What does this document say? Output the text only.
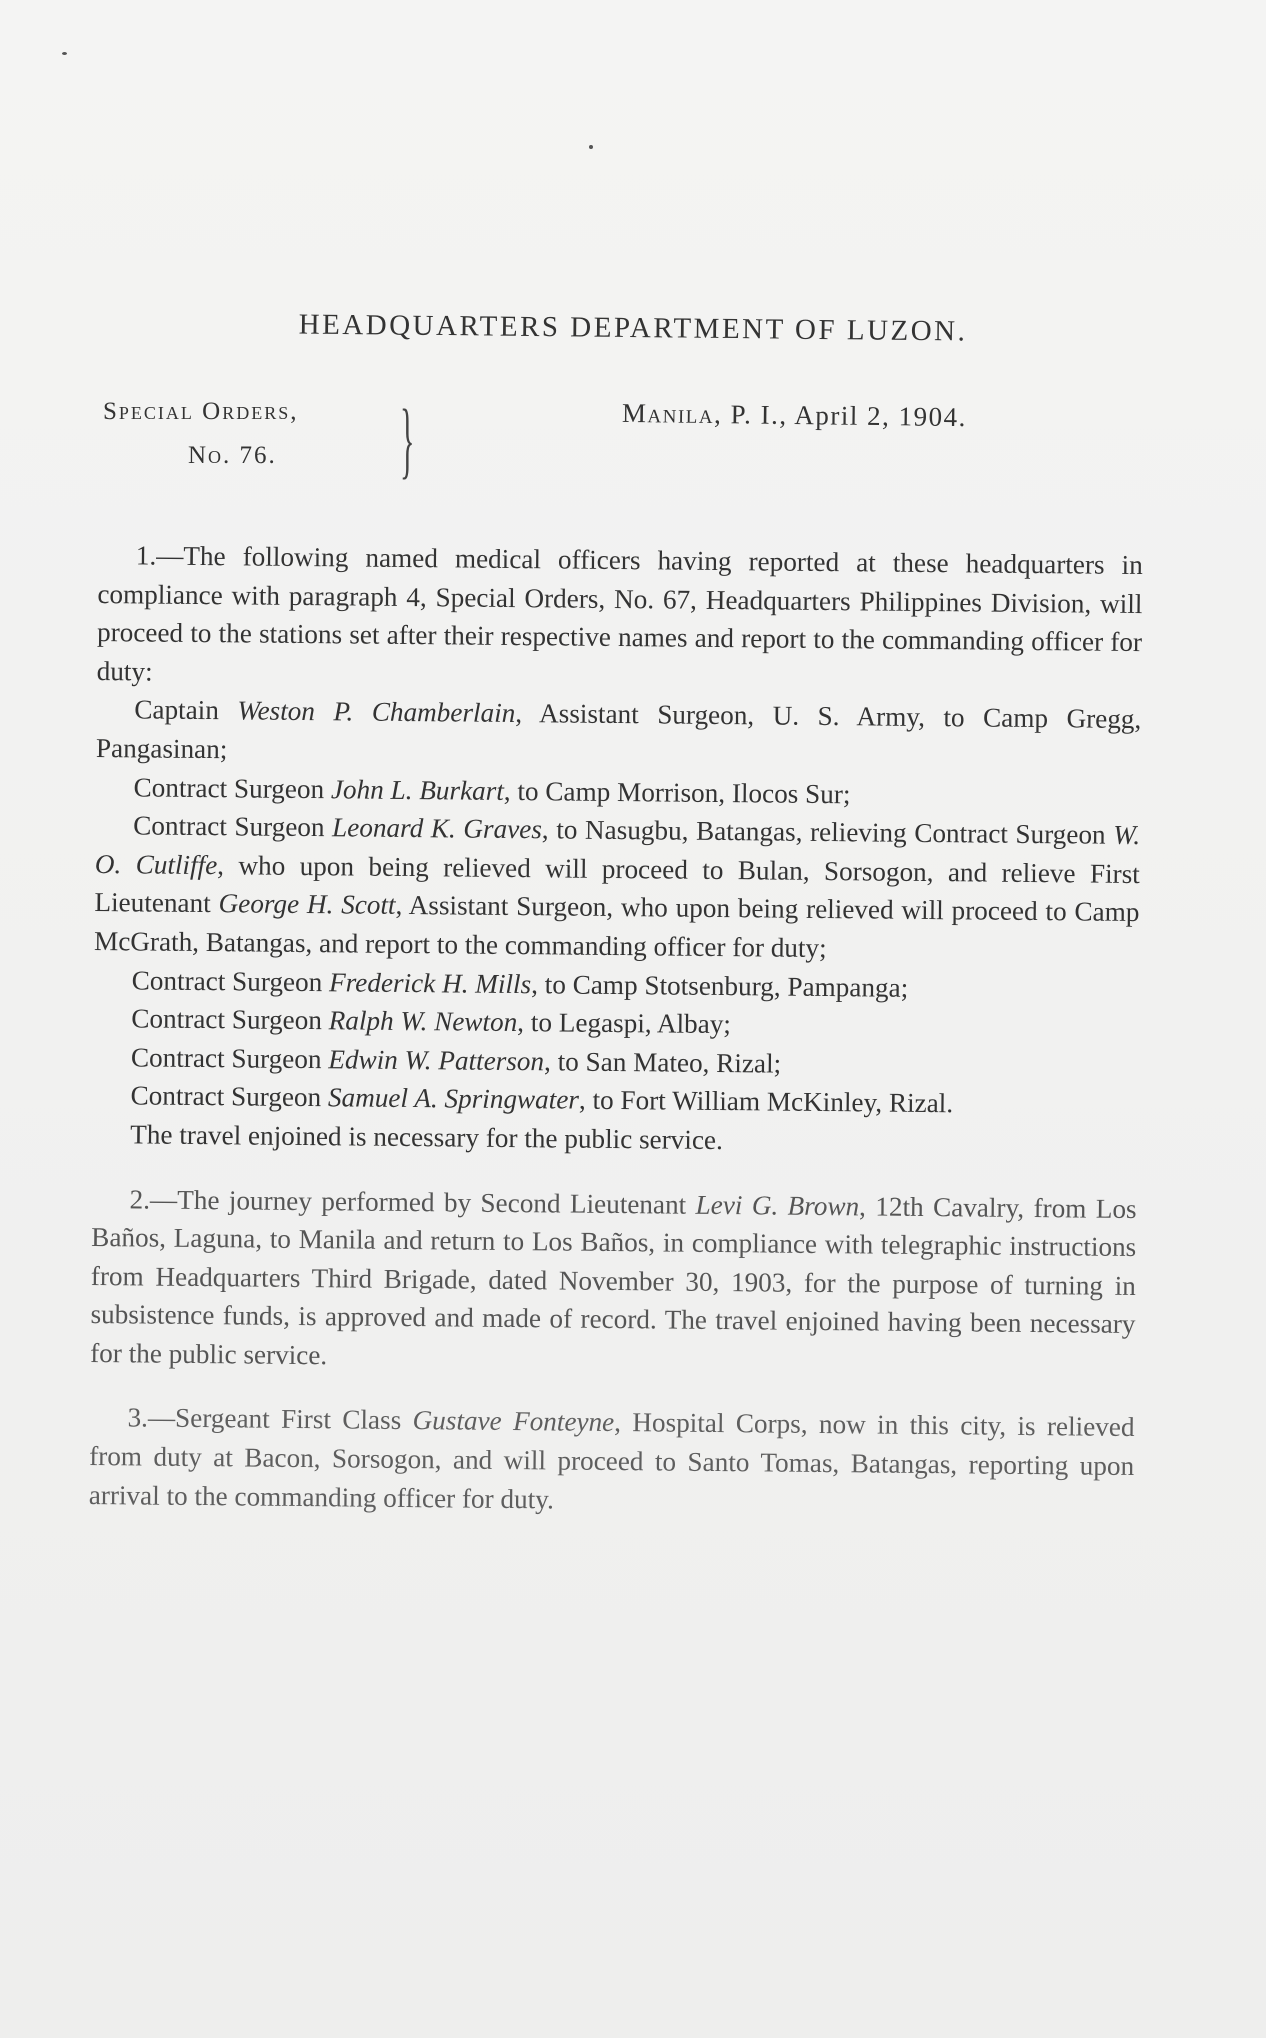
HEADQUARTERS DEPARTMENT OF LUZON.
Special Orders,
No. 76. }	Manila, P. I., April 2, 1904.

1.—The following named medical officers having reported at these headquarters in compliance with paragraph 4, Special Orders, No. 67, Headquarters Philippines Division, will proceed to the stations set after their respective names and report to the commanding officer for duty:

Captain Weston P. Chamberlain, Assistant Surgeon, U. S. Army, to Camp Gregg, Pangasinan;

Contract Surgeon John L. Burkart, to Camp Morrison, Ilocos Sur;

Contract Surgeon Leonard K. Graves, to Nasugbu, Batangas, relieving Contract Surgeon W. O. Cutliffe, who upon being relieved will proceed to Bulan, Sorsogon, and relieve First Lieutenant George H. Scott, Assistant Surgeon, who upon being relieved will proceed to Camp McGrath, Batangas, and report to the commanding officer for duty;

Contract Surgeon Frederick H. Mills, to Camp Stotsenburg, Pampanga;

Contract Surgeon Ralph W. Newton, to Legaspi, Albay;

Contract Surgeon Edwin W. Patterson, to San Mateo, Rizal;

Contract Surgeon Samuel A. Springwater, to Fort William McKinley, Rizal.

The travel enjoined is necessary for the public service.

2.—The journey performed by Second Lieutenant Levi G. Brown, 12th Cavalry, from Los Baños, Laguna, to Manila and return to Los Baños, in compliance with telegraphic instructions from Headquarters Third Brigade, dated November 30, 1903, for the purpose of turning in subsistence funds, is approved and made of record. The travel enjoined having been necessary for the public service.

3.—Sergeant First Class Gustave Fonteyne, Hospital Corps, now in this city, is relieved from duty at Bacon, Sorsogon, and will proceed to Santo Tomas, Batangas, reporting upon arrival to the commanding officer for duty.
